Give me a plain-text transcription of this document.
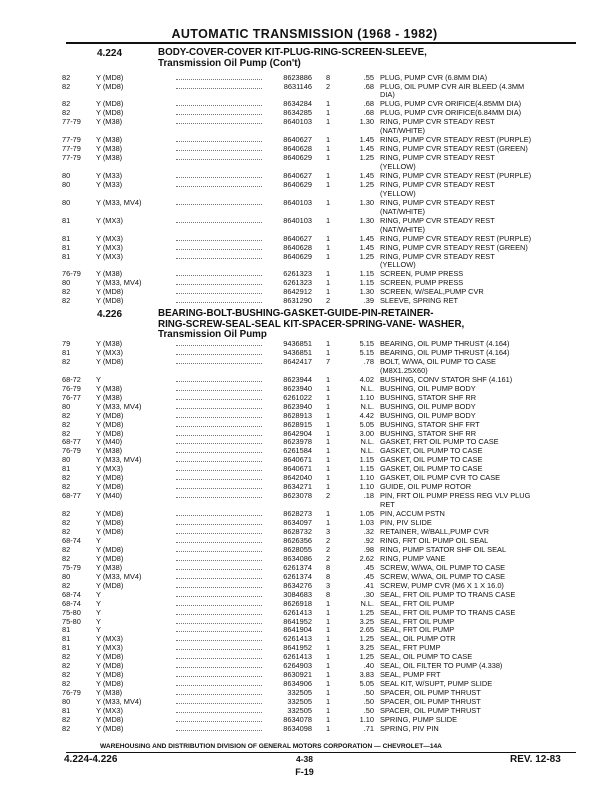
AUTOMATIC TRANSMISSION (1968 - 1982)
4.224	BODY-COVER-COVER KIT-PLUG-RING-SCREEN-SLEEVE,
Transmission Oil Pump (Con't)
82	Y (MD8)	8623886 8	.55 PLUG, PUMP CVR (6.8MM DIA)
82	Y (MD8)	8631146 2	.68 PLUG, OIL PUMP CVR AIR BLEED (4.3MM
DIA)
82	Y (MD8)	8634284 1	.68 PLUG, PUMP CVR ORIFICE(4.85MM DIA)
82	Y (MD8)	8634285 1	.68 PLUG, PUMP CVR ORIFICE(6.84MM DIA)
77-79	Y (M38)	8640103 1	1.30 RING, PUMP CVR STEADY REST
(NAT/WHITE)
77-79	Y (M38)	8640627 1	1.45 RING, PUMP CVR STEADY REST (PURPLE)
77-79	Y (M38)	8640628 1	1.45 RING, PUMP CVR STEADY REST (GREEN)
77-79	Y (M38)	8640629 1	1.25 RING, PUMP CVR STEADY REST
(YELLOW)
80	Y (M33)	8640627 1	1.45 RING, PUMP CVR STEADY REST (PURPLE)
80	Y (M33)	8640629 1	1.25 RING, PUMP CVR STEADY REST
(YELLOW)
80	Y (M33, MV4)	8640103 1	1.30 RING, PUMP CVR STEADY REST
(NAT/WHITE)
81	Y (MX3)	8640103 1	1.30 RING, PUMP CVR STEADY REST
(NAT/WHITE)
81	Y (MX3)	8640627 1	1.45 RING, PUMP CVR STEADY REST (PURPLE)
81	Y (MX3)	8640628 1	1.45 RING, PUMP CVR STEADY REST (GREEN)
81	Y (MX3)	8640629 1	1.25 RING, PUMP CVR STEADY REST
(YELLOW)
76-79	Y (M38)	6261323 1	1.15 SCREEN, PUMP PRESS
80	Y (M33, MV4)	6261323 1	1.15 SCREEN, PUMP PRESS
82	Y (MD8)	8642912 1	1.30 SCREEN, W/SEAL,PUMP CVR
82	Y (MD8)	8631290 2	.39 SLEEVE, SPRING RET
4.226	BEARING-BOLT-BUSHING-GASKET-GUIDE-PIN-RETAINER-
RING-SCREW-SEAL-SEAL KIT-SPACER-SPRING-VANE- WASHER,
Transmission Oil Pump
79	Y (M38)	9436851 1	5.15 BEARING, OIL PUMP THRUST (4.164)
81	Y (MX3)	9436851 1	5.15 BEARING, OIL PUMP THRUST (4.164)
82	Y (MD8)	8642417 7	.78 BOLT, W/WA, OIL PUMP TO CASE
(M8X1.25X60)
68-72	Y	8623944 1	4.02 BUSHING, CONV STATOR SHF (4.161)
76-79	Y (M38)	8623940 1	N.L. BUSHING, OIL PUMP BODY
76-77	Y (M38)	6261022 1	1.10 BUSHING, STATOR SHF RR
80	Y (M33, MV4)	8623940 1	N.L. BUSHING, OIL PUMP BODY
82	Y (MD8)	8628913 1	4.42 BUSHING, OIL PUMP BODY
82	Y (MD8)	8628915 1	5.05 BUSHING, STATOR SHF FRT
82	Y (MD8)	8642904 1	3.00 BUSHING, STATOR SHF RR
68-77	Y (M40)	8623978 1	N.L. GASKET, FRT OIL PUMP TO CASE
76-79	Y (M38)	6261584 1	N.L. GASKET, OIL PUMP TO CASE
80	Y (M33, MV4)	8640671 1	1.15 GASKET, OIL PUMP TO CASE
81	Y (MX3)	8640671 1	1.15 GASKET, OIL PUMP TO CASE
82	Y (MD8)	8642040 1	1.10 GASKET, OIL PUMP CVR TO CASE
82	Y (MD8)	8634271 1	1.10 GUIDE, OIL PUMP ROTOR
68-77	Y (M40)	8623078 2	.18 PIN, FRT OIL PUMP PRESS REG VLV PLUG
RET
82	Y (MD8)	8628273 1	1.05 PIN, ACCUM PSTN
82	Y (MD8)	8634097 1	1.03 PIN, PIV SLIDE
82	Y (MD8)	8628732 3	.32 RETAINER, W/BALL,PUMP CVR
68-74	Y	8626356 2	.92 RING, FRT OIL PUMP OIL SEAL
82	Y (MD8)	8628055 2	.98 RING, PUMP STATOR SHF OIL SEAL
82	Y (MD8)	8634086 2	2.62 RING, PUMP VANE
75-79	Y (M38)	6261374 8	.45 SCREW, W/WA, OIL PUMP TO CASE
80	Y (M33, MV4)	6261374 8	.45 SCREW, W/WA, OIL PUMP TO CASE
82	Y (MD8)	8634276 3	.41 SCREW, PUMP CVR (M6 X 1 X 16.0)
68-74	Y	3084683 8	.30 SEAL, FRT OIL PUMP TO TRANS CASE
68-74	Y	8626918 1	N.L. SEAL, FRT OIL PUMP
75-80	Y	6261413 1	1.25 SEAL, FRT OIL PUMP TO TRANS CASE
75-80	Y	8641952 1	3.25 SEAL, FRT OIL PUMP
81	Y	8641904 1	2.65 SEAL, FRT OIL PUMP
81	Y (MX3)	6261413 1	1.25 SEAL, OIL PUMP OTR
81	Y (MX3)	8641952 1	3.25 SEAL, FRT PUMP
82	Y (MD8)	6261413 1	1.25 SEAL, OIL PUMP TO CASE
82	Y (MD8)	6264903 1	.40 SEAL, OIL FILTER TO PUMP (4.338)
82	Y (MD8)	8630921 1	3.83 SEAL, PUMP FRT
82	Y (MD8)	8634906 1	5.05 SEAL KIT, W/SUPT, PUMP SLIDE
76-79	Y (M38)	332505 1	.50 SPACER, OIL PUMP THRUST
80	Y (M33, MV4)	332505 1	.50 SPACER, OIL PUMP THRUST
81	Y (MX3)	332505 1	.50 SPACER, OIL PUMP THRUST
82	Y (MD8)	8634078 1	1.10 SPRING, PUMP SLIDE
82	Y (MD8)	8634098 1	.71 SPRING, PIV PIN
WAREHOUSING AND DISTRIBUTION DIVISION OF GENERAL MOTORS CORPORATION — CHEVROLET—14A
4.224-4.226	4-38	REV. 12-83
F-19
